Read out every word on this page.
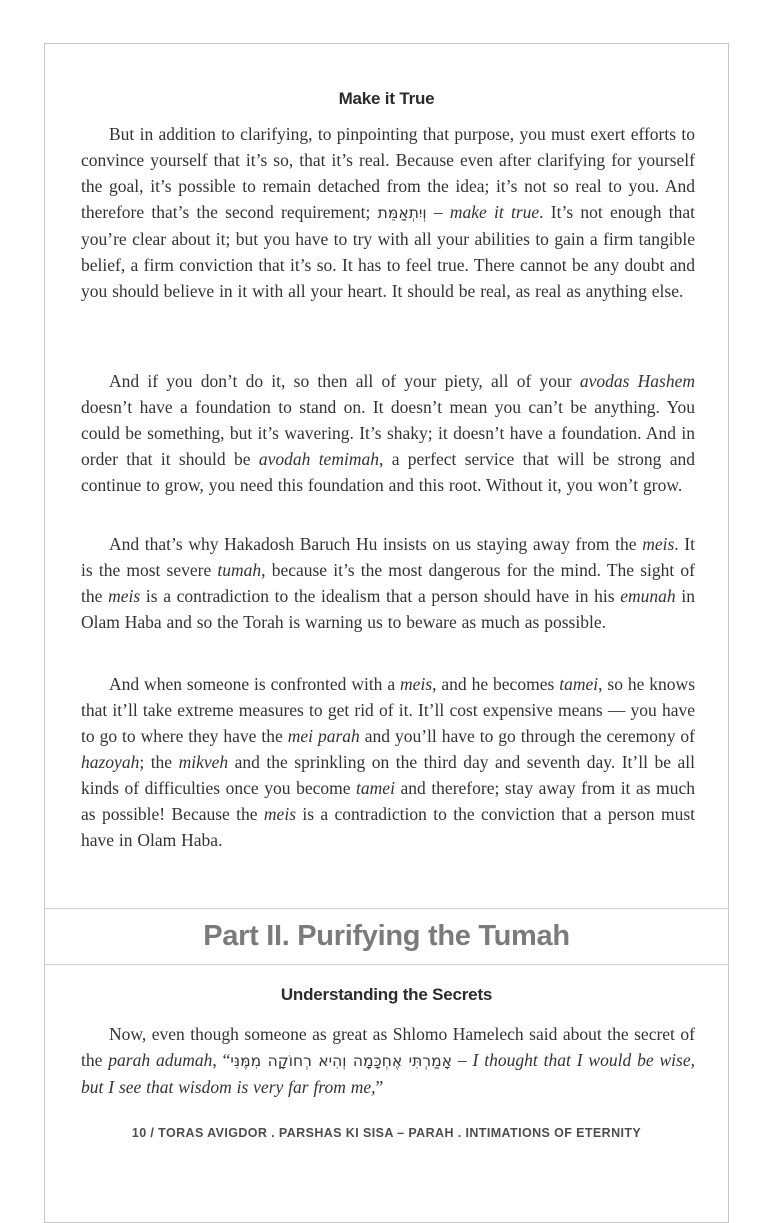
Make it True

But in addition to clarifying, to pinpointing that purpose, you must exert efforts to convince yourself that it’s so, that it’s real. Because even after clarifying for yourself the goal, it’s possible to remain detached from the idea; it’s not so real to you. And therefore that’s the second requirement; וְיִתְאַמֵּת – make it true. It’s not enough that you’re clear about it; but you have to try with all your abilities to gain a firm tangible belief, a firm conviction that it’s so. It has to feel true. There cannot be any doubt and you should believe in it with all your heart. It should be real, as real as anything else.

And if you don’t do it, so then all of your piety, all of your avodas Hashem doesn’t have a foundation to stand on. It doesn’t mean you can’t be anything. You could be something, but it’s wavering. It’s shaky; it doesn’t have a foundation. And in order that it should be avodah temimah, a perfect service that will be strong and continue to grow, you need this foundation and this root. Without it, you won’t grow.

And that’s why Hakadosh Baruch Hu insists on us staying away from the meis. It is the most severe tumah, because it’s the most dangerous for the mind. The sight of the meis is a contradiction to the idealism that a person should have in his emunah in Olam Haba and so the Torah is warning us to beware as much as possible.

And when someone is confronted with a meis, and he becomes tamei, so he knows that it’ll take extreme measures to get rid of it. It’ll cost expensive means — you have to go to where they have the mei parah and you’ll have to go through the ceremony of hazoyah; the mikveh and the sprinkling on the third day and seventh day. It’ll be all kinds of difficulties once you become tamei and therefore; stay away from it as much as possible! Because the meis is a contradiction to the conviction that a person must have in Olam Haba.

Part II. Purifying the Tumah
Understanding the Secrets

Now, even though someone as great as Shlomo Hamelech said about the secret of the parah adumah, “אָמַרְתִּי אֶחְכָּמָה וְהִיא רְחוֹקָה מִמֶּנִּי – I thought that I would be wise, but I see that wisdom is very far from me,”

10 / TORAS AVIGDOR . PARSHAS KI SISA – PARAH . INTIMATIONS OF ETERNITY
